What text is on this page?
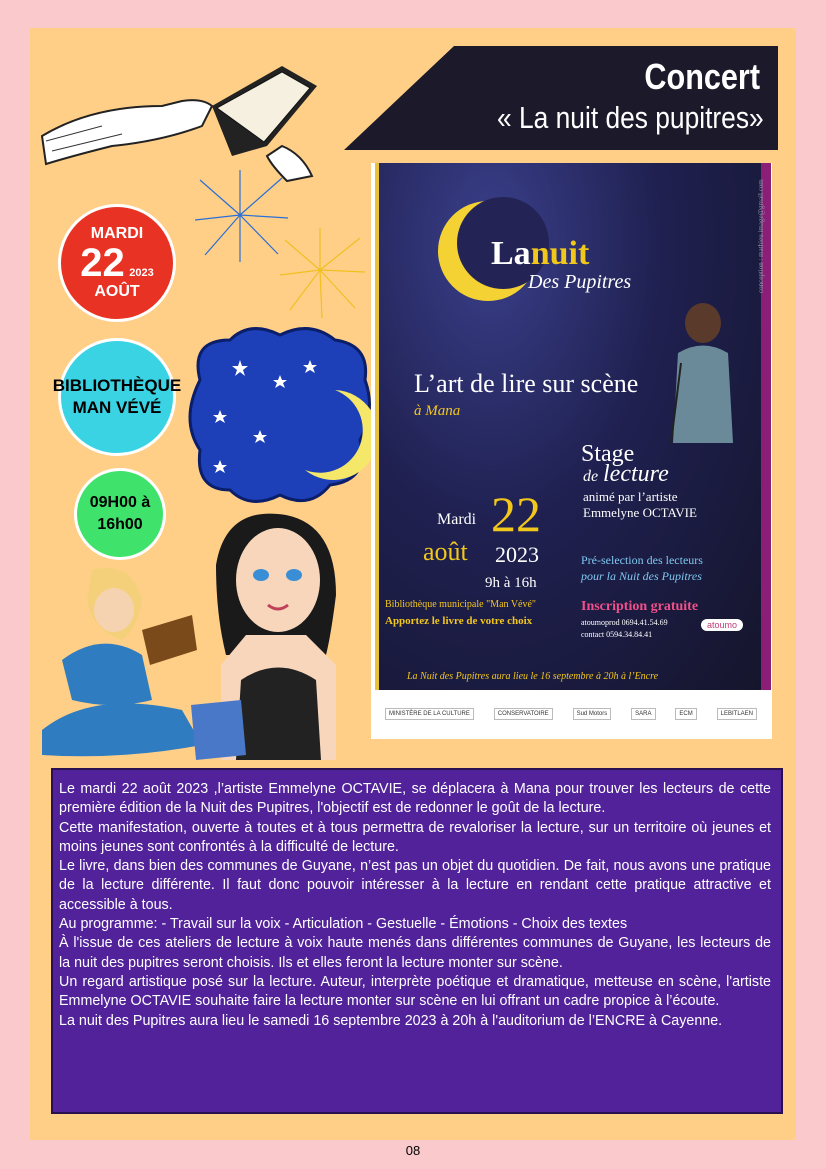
Concert
« La nuit des pupitres»
MARDI
22 2023
AOÛT
BIBLIOTHÈQUE
MAN VÉVÉ
09H00 à
16h00
Lanuit
Des Pupitres	conception : mathieu.image@gmail.com
L’art de lire sur scène
à Mana
Stage
de lecture
animé par l’artiste
Emmelyne OCTAVIE
Mardi 22
août 2023
9h à 16h
Bibliothèque municipale "Man Vévé"
Apportez le livre de votre choix
Pré-selection des lecteurs
pour la Nuit des Pupitres
Inscription gratuite
atoumoprod 0694.41.54.69
contact 0594.34.84.41
atoumo
La Nuit des Pupitres aura lieu le 16 septembre à 20h à l’Encre
MINISTÈRE DE LA CULTURE	CONSERVATOIRE	Sud Motors	SARA	ECM	LEBITLAEN

Le mardi 22 août 2023 ,l’artiste Emmelyne OCTAVIE, se déplacera à Mana pour trouver les lecteurs de cette première édition de la Nuit des Pupitres, l'objectif est de redonner le goût de la lecture.

Cette manifestation, ouverte à toutes et à tous permettra de revaloriser la lecture, sur un territoire où jeunes et moins jeunes sont confrontés à la difficulté de lecture.

Le livre, dans bien des communes de Guyane, n’est pas un objet du quotidien. De fait, nous avons une pratique de la lecture différente. Il faut donc pouvoir intéresser à la lecture en rendant cette pratique attractive et accessible à tous.

Au programme: - Travail sur la voix - Articulation - Gestuelle - Émotions - Choix des textes

À l'issue de ces ateliers de lecture à voix haute menés dans différentes communes de Guyane, les lecteurs de la nuit des pupitres seront choisis. Ils et elles feront la lecture monter sur scène.

Un regard artistique posé sur la lecture. Auteur, interprète poétique et dramatique, metteuse en scène, l'artiste Emmelyne OCTAVIE souhaite faire la lecture monter sur scène en lui offrant un cadre propice à l’écoute.

La nuit des Pupitres aura lieu le samedi 16 septembre 2023 à 20h à l'auditorium de l’ENCRE à Cayenne.

08
